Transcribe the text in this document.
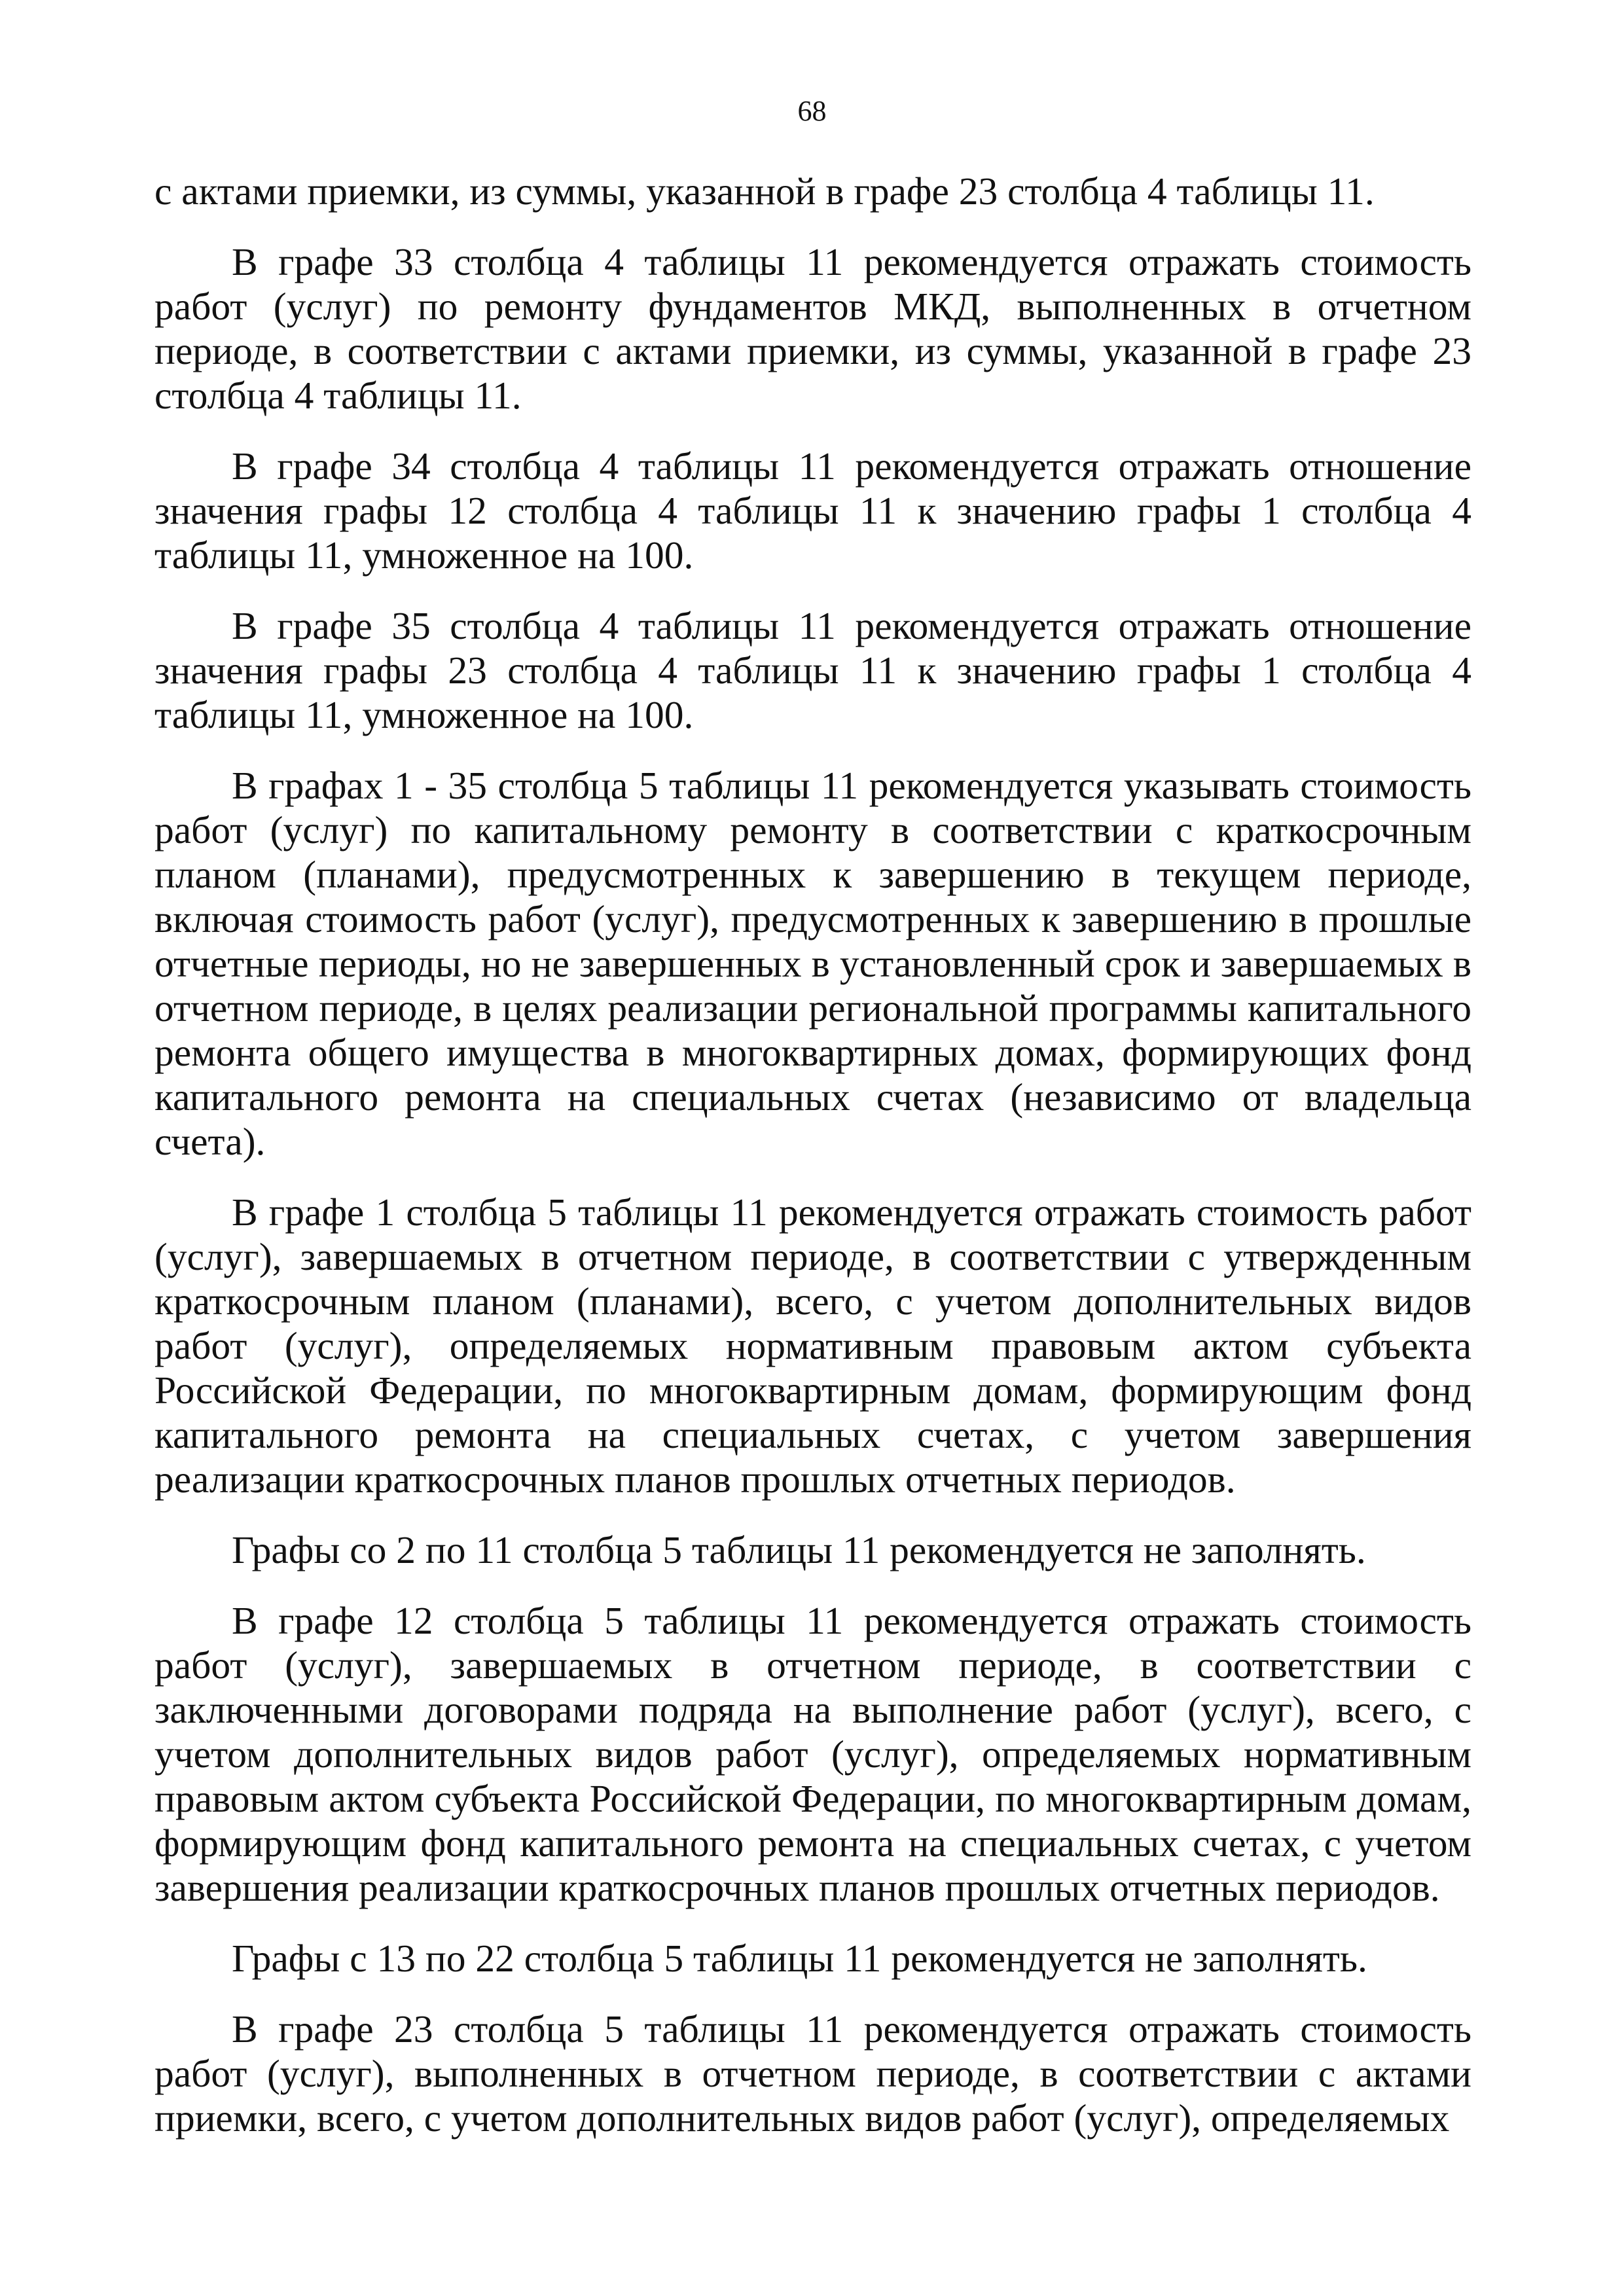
68

с актами приемки, из суммы, указанной в графе 23 столбца 4 таблицы 11.

В графе 33 столбца 4 таблицы 11 рекомендуется отражать стоимость работ (услуг) по ремонту фундаментов МКД, выполненных в отчетном периоде, в соответствии с актами приемки, из суммы, указанной в графе 23 столбца 4 таблицы 11.

В графе 34 столбца 4 таблицы 11 рекомендуется отражать отношение значения графы 12 столбца 4 таблицы 11 к значению графы 1 столбца 4 таблицы 11, умноженное на 100.

В графе 35 столбца 4 таблицы 11 рекомендуется отражать отношение значения графы 23 столбца 4 таблицы 11 к значению графы 1 столбца 4 таблицы 11, умноженное на 100.

В графах 1 - 35 столбца 5 таблицы 11 рекомендуется указывать стоимость работ (услуг) по капитальному ремонту в соответствии с краткосрочным планом (планами), предусмотренных к завершению в текущем периоде, включая стоимость работ (услуг), предусмотренных к завершению в прошлые отчетные периоды, но не завершенных в установленный срок и завершаемых в отчетном периоде, в целях реализации региональной программы капитального ремонта общего имущества в многоквартирных домах, формирующих фонд капитального ремонта на специальных счетах (независимо от владельца счета).

В графе 1 столбца 5 таблицы 11 рекомендуется отражать стоимость работ (услуг), завершаемых в отчетном периоде, в соответствии с утвержденным краткосрочным планом (планами), всего, с учетом дополнительных видов работ (услуг), определяемых нормативным правовым актом субъекта Российской Федерации, по многоквартирным домам, формирующим фонд капитального ремонта на специальных счетах, с учетом завершения реализации краткосрочных планов прошлых отчетных периодов.

Графы со 2 по 11 столбца 5 таблицы 11 рекомендуется не заполнять.

В графе 12 столбца 5 таблицы 11 рекомендуется отражать стоимость работ (услуг), завершаемых в отчетном периоде, в соответствии с заключенными договорами подряда на выполнение работ (услуг), всего, с учетом дополнительных видов работ (услуг), определяемых нормативным правовым актом субъекта Российской Федерации, по многоквартирным домам, формирующим фонд капитального ремонта на специальных счетах, с учетом завершения реализации краткосрочных планов прошлых отчетных периодов.

Графы с 13 по 22 столбца 5 таблицы 11 рекомендуется не заполнять.

В графе 23 столбца 5 таблицы 11 рекомендуется отражать стоимость работ (услуг), выполненных в отчетном периоде, в соответствии с актами приемки, всего, с учетом дополнительных видов работ (услуг), определяемых
